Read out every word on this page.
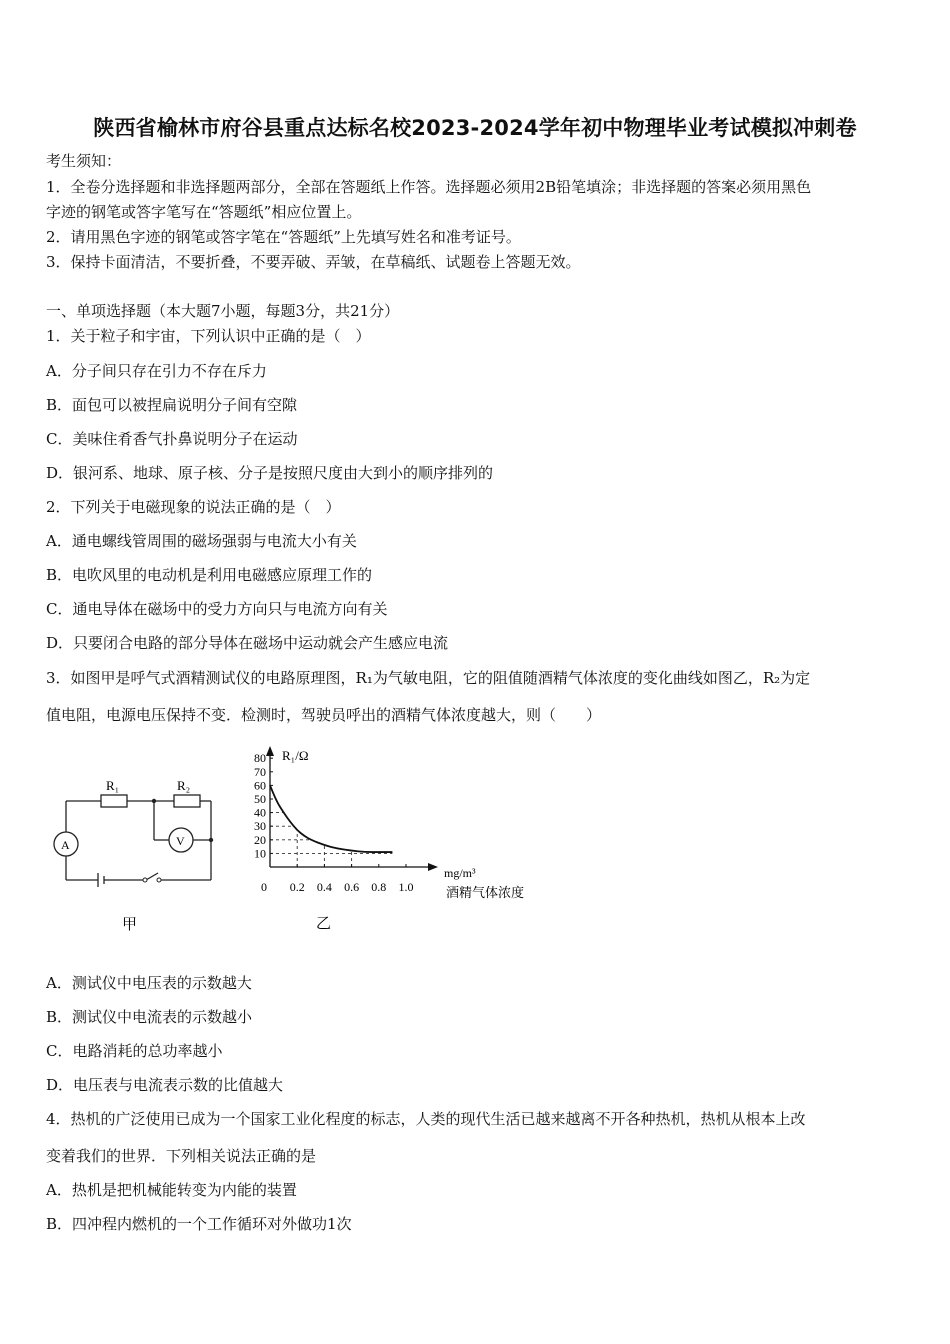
陕西省榆林市府谷县重点达标名校2023-2024学年初中物理毕业考试模拟冲刺卷
考生须知：
1．全卷分选择题和非选择题两部分，全部在答题纸上作答。选择题必须用2B铅笔填涂；非选择题的答案必须用黑色
字迹的钢笔或答字笔写在“答题纸”相应位置上。
2．请用黑色字迹的钢笔或答字笔在“答题纸”上先填写姓名和准考证号。
3．保持卡面清洁，不要折叠，不要弄破、弄皱，在草稿纸、试题卷上答题无效。
一、单项选择题（本大题7小题，每题3分，共21分）
1．关于粒子和宇宙，下列认识中正确的是（　）
A．分子间只存在引力不存在斥力
B．面包可以被捏扁说明分子间有空隙
C．美味住肴香气扑鼻说明分子在运动
D．银河系、地球、原子核、分子是按照尺度由大到小的顺序排列的
2．下列关于电磁现象的说法正确的是（　）
A．通电螺线管周围的磁场强弱与电流大小有关
B．电吹风里的电动机是利用电磁感应原理工作的
C．通电导体在磁场中的受力方向只与电流方向有关
D．只要闭合电路的部分导体在磁场中运动就会产生感应电流
3．如图甲是呼气式酒精测试仪的电路原理图，R₁为气敏电阻，它的阻值随酒精气体浓度的变化曲线如图乙，R₂为定
值电阻，电源电压保持不变．检测时，驾驶员呼出的酒精气体浓度越大，则（　　）
R₁	R₂
A	V
甲
10
20
30
40
50
60
70
80
0.2 0.4 0.6 0.8 1.0
R₁/Ω
mg/m³
酒精气体浓度
0
乙
A．测试仪中电压表的示数越大
B．测试仪中电流表的示数越小
C．电路消耗的总功率越小
D．电压表与电流表示数的比值越大
4．热机的广泛使用已成为一个国家工业化程度的标志，人类的现代生活已越来越离不开各种热机，热机从根本上改
变着我们的世界．下列相关说法正确的是
A．热机是把机械能转变为内能的装置
B．四冲程内燃机的一个工作循环对外做功1次
